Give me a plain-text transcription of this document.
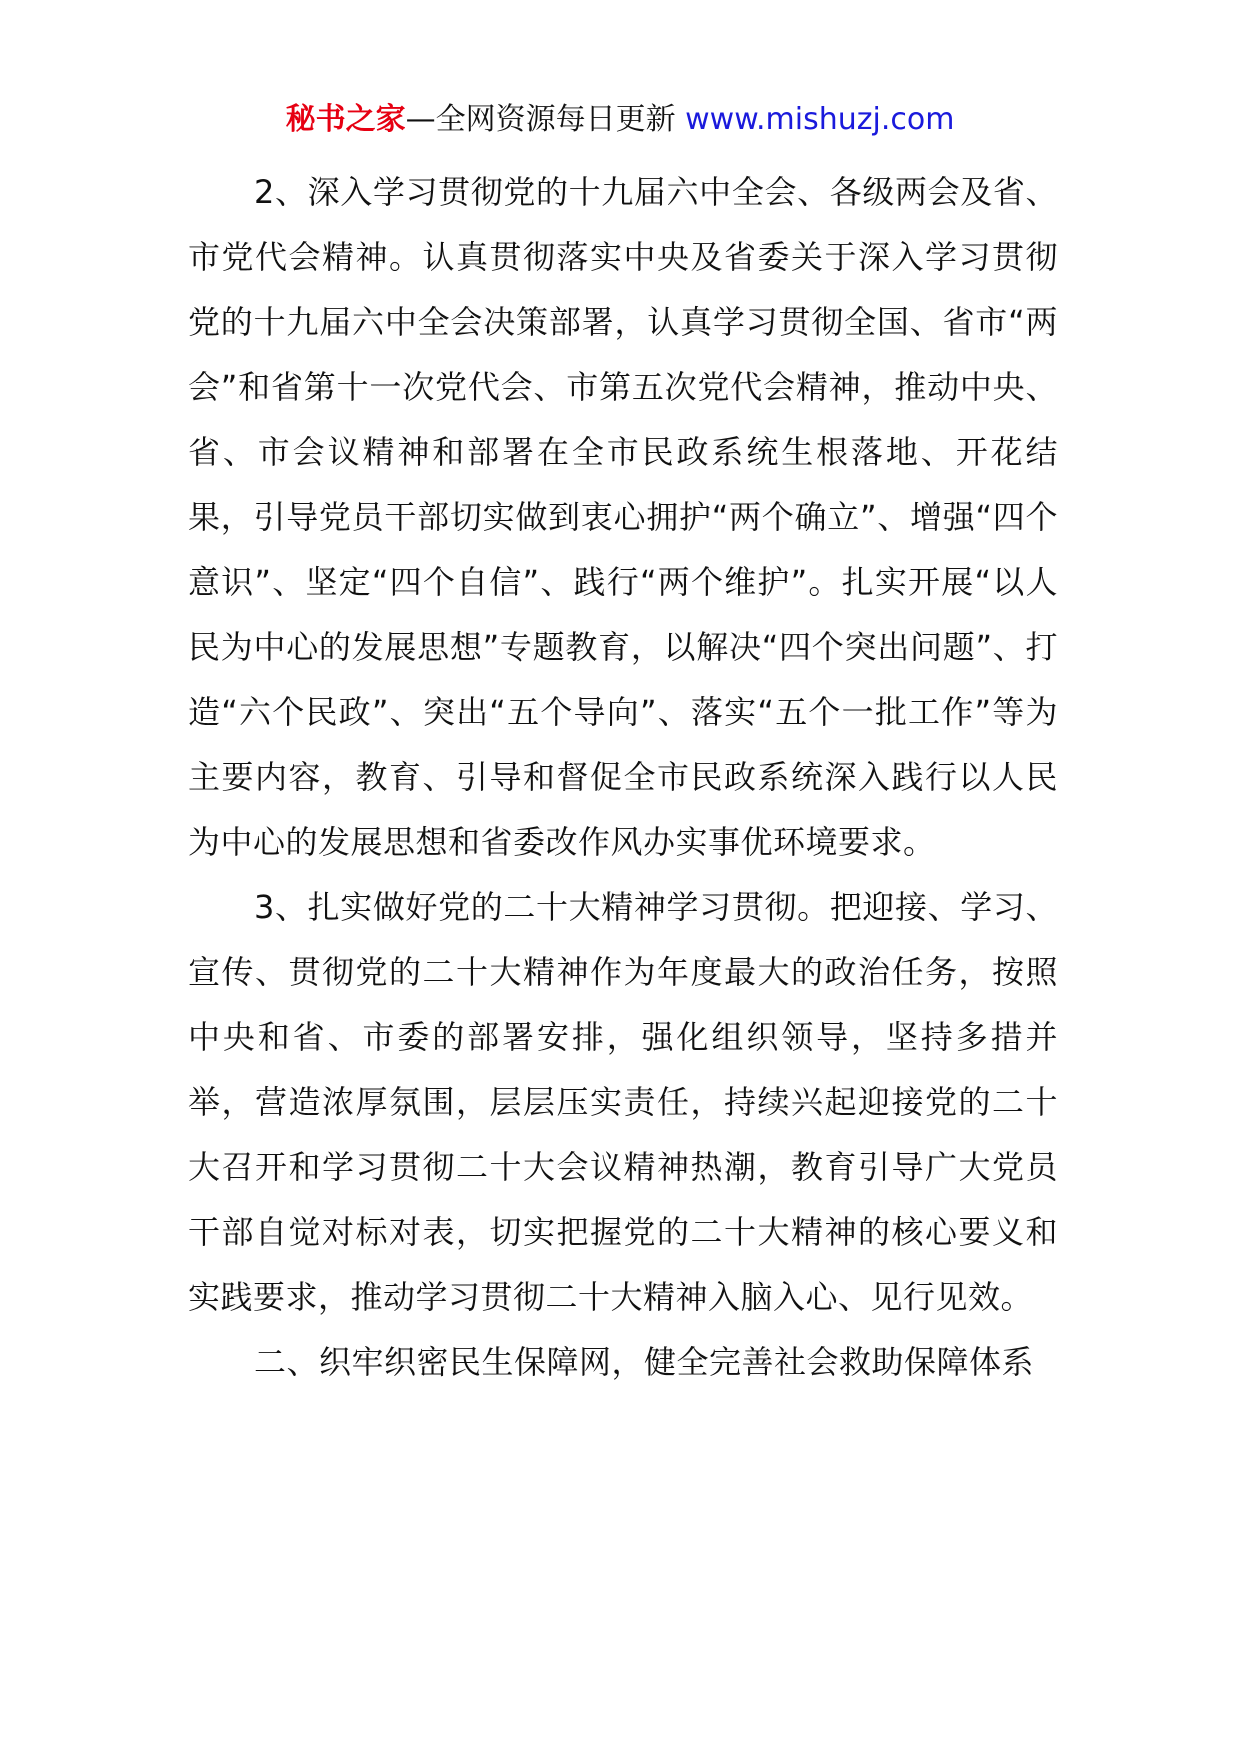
秘书之家—全网资源每日更新 www.mishuzj.com

2、深入学习贯彻党的十九届六中全会、各级两会及省、市党代会精神。认真贯彻落实中央及省委关于深入学习贯彻党的十九届六中全会决策部署，认真学习贯彻全国、省市“两会”和省第十一次党代会、市第五次党代会精神，推动中央、省、市会议精神和部署在全市民政系统生根落地、开花结果，引导党员干部切实做到衷心拥护“两个确立”、增强“四个意识”、坚定“四个自信”、践行“两个维护”。扎实开展“以人民为中心的发展思想”专题教育，以解决“四个突出问题”、打造“六个民政”、突出“五个导向”、落实“五个一批工作”等为主要内容，教育、引导和督促全市民政系统深入践行以人民为中心的发展思想和省委改作风办实事优环境要求。

3、扎实做好党的二十大精神学习贯彻。把迎接、学习、宣传、贯彻党的二十大精神作为年度最大的政治任务，按照中央和省、市委的部署安排，强化组织领导，坚持多措并举，营造浓厚氛围，层层压实责任，持续兴起迎接党的二十大召开和学习贯彻二十大会议精神热潮，教育引导广大党员干部自觉对标对表，切实把握党的二十大精神的核心要义和实践要求，推动学习贯彻二十大精神入脑入心、见行见效。

二、织牢织密民生保障网，健全完善社会救助保障体系
